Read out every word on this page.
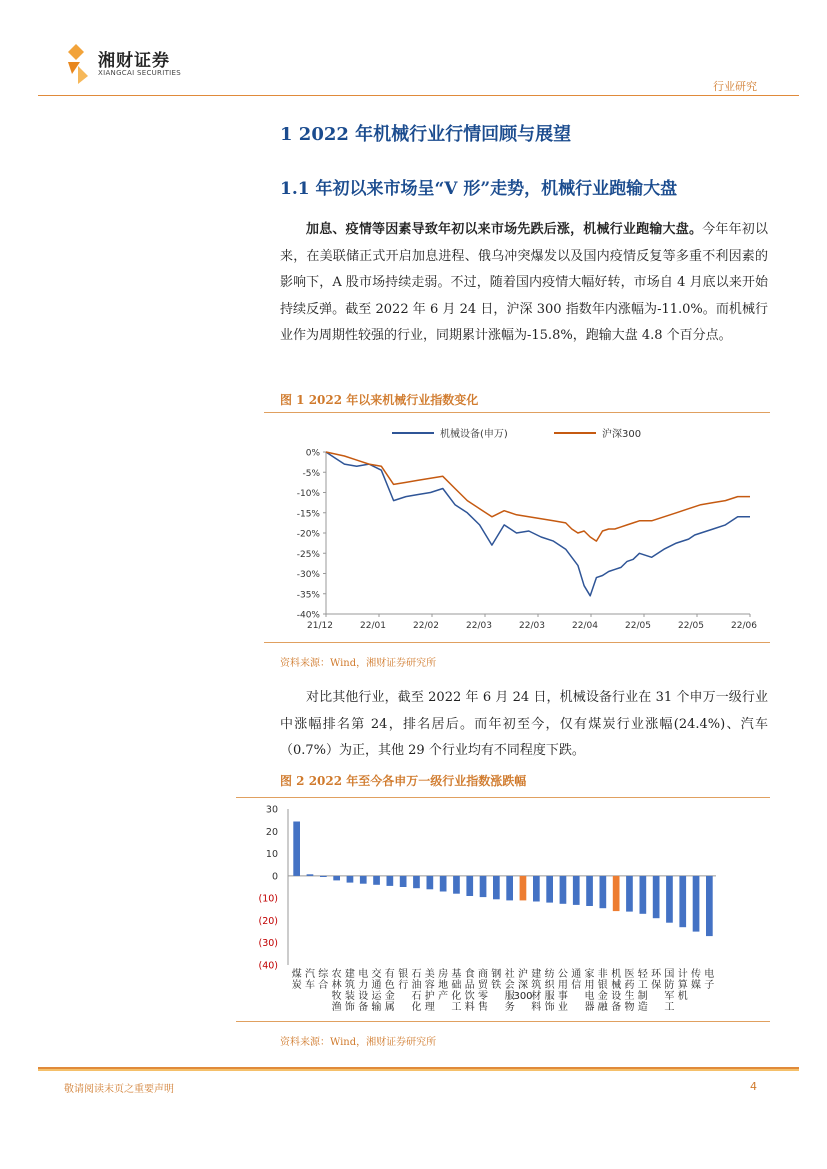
湘财证券
XIANGCAI SECURITIES
行业研究
1 2022 年机械行业行情回顾与展望
1.1 年初以来市场呈“V 形”走势，机械行业跑输大盘
加息、疫情等因素导致年初以来市场先跌后涨，机械行业跑输大盘。今年年初以来，在美联储正式开启加息进程、俄乌冲突爆发以及国内疫情反复等多重不利因素的影响下，A 股市场持续走弱。不过，随着国内疫情大幅好转，市场自 4 月底以来开始持续反弹。截至 2022 年 6 月 24 日，沪深 300 指数年内涨幅为-11.0%。而机械行业作为周期性较强的行业，同期累计涨幅为-15.8%，跑输大盘 4.8 个百分点。
图 1 2022 年以来机械行业指数变化
机械设备(申万)	沪深300
0%
-5%
-10%
-15%
-20%
-25%
-30%
-35%
-40%
21/12	22/01	22/02	22/03	22/03	22/04	22/05	22/05	22/06
资料来源：Wind，湘财证券研究所
对比其他行业，截至 2022 年 6 月 24 日，机械设备行业在 31 个申万一级行业中涨幅排名第 24，排名居后。而年初至今，仅有煤炭行业涨幅(24.4%)、汽车（0.7%）为正，其他 29 个行业均有不同程度下跌。
图 2 2022 年至今各申万一级行业指数涨跌幅
30
20
10
0
(10)
(20)
(30)
(40)
煤炭
汽车
综合
农林牧渔
建筑装饰
电力设备
交通运输
有色金属
银行
石油石化
美容护理
房地产
基础化工
食品饮料
商贸零售
钢铁
社会服务
沪深 300
建筑材料
纺织服饰
公用事业
通信
家用电器
非银金融
机械设备
医药生物
轻工制造
环保
国防军工
计算机
传媒
电子
资料来源：Wind，湘财证券研究所
敬请阅读末页之重要声明	4
